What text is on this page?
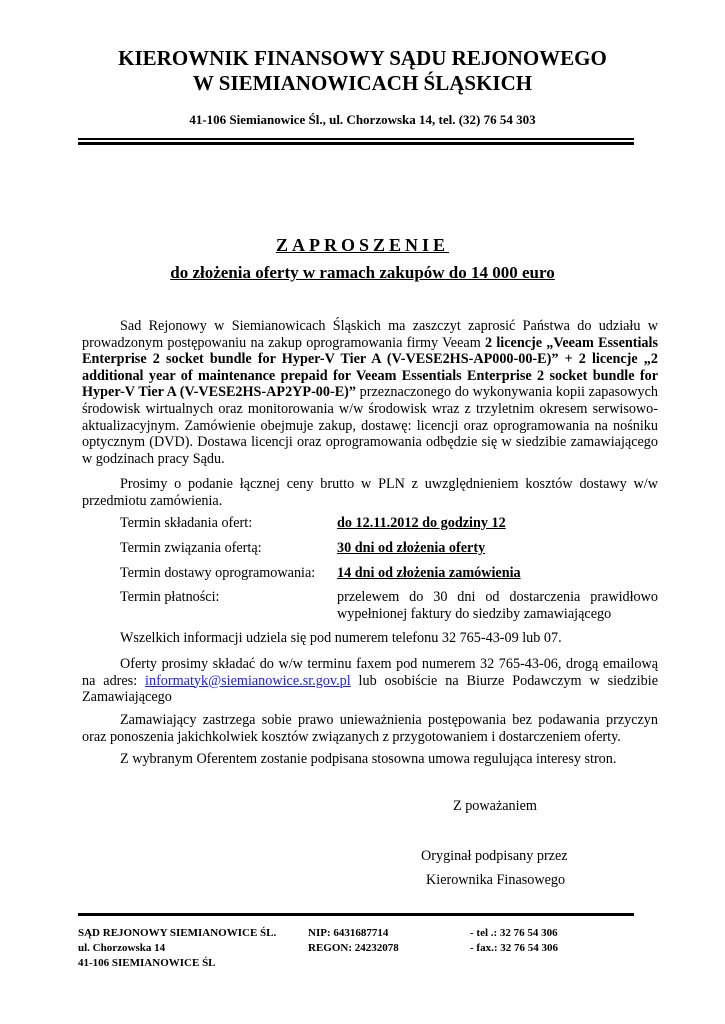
KIEROWNIK FINANSOWY SĄDU REJONOWEGO
W SIEMIANOWICACH ŚLĄSKICH
41-106 Siemianowice Śl., ul. Chorzowska 14, tel. (32) 76 54 303
ZAPROSZENIE
do złożenia oferty w ramach zakupów do 14 000 euro
Sad Rejonowy w Siemianowicach Śląskich ma zaszczyt zaprosić Państwa do udziału w prowadzonym postępowaniu na zakup oprogramowania firmy Veeam 2 licencje „Veeam Essentials Enterprise 2 socket bundle for Hyper-V Tier A (V-VESE2HS-AP000-00-E)” + 2 licencje „2 additional year of maintenance prepaid for Veeam Essentials Enterprise 2 socket bundle for Hyper-V Tier A (V-VESE2HS-AP2YP-00-E)” przeznaczonego do wykonywania kopii zapasowych środowisk wirtualnych oraz monitorowania w/w środowisk wraz z trzyletnim okresem serwisowo-aktualizacyjnym. Zamówienie obejmuje zakup, dostawę: licencji oraz oprogramowania na nośniku optycznym (DVD). Dostawa licencji oraz oprogramowania odbędzie się w siedzibie zamawiającego w godzinach pracy Sądu.
Prosimy o podanie łącznej ceny brutto w PLN z uwzględnieniem kosztów dostawy w/w przedmiotu zamówienia.
Termin składania ofert:	do 12.11.2012 do godziny 12
Termin związania ofertą:	30 dni od złożenia oferty
Termin dostawy oprogramowania: 14 dni od złożenia zamówienia
Termin płatności:	przelewem do 30 dni od dostarczenia prawidłowo wypełnionej faktury do siedziby zamawiającego
Wszelkich informacji udziela się pod numerem telefonu 32 765-43-09 lub 07.
Oferty prosimy składać do w/w terminu faxem pod numerem 32 765-43-06, drogą emailową na adres: informatyk@siemianowice.sr.gov.pl lub osobiście na Biurze Podawczym w siedzibie Zamawiającego
Zamawiający zastrzega sobie prawo unieważnienia postępowania bez podawania przyczyn oraz ponoszenia jakichkolwiek kosztów związanych z przygotowaniem i dostarczeniem oferty.
Z wybranym Oferentem zostanie podpisana stosowna umowa regulująca interesy stron.
Z poważaniem
Oryginał podpisany przez
Kierownika Finasowego
SĄD REJONOWY SIEMIANOWICE ŚL.
ul. Chorzowska 14
41-106 SIEMIANOWICE ŚL
NIP: 6431687714
REGON: 24232078
- tel .: 32 76 54 306
- fax.: 32 76 54 306
